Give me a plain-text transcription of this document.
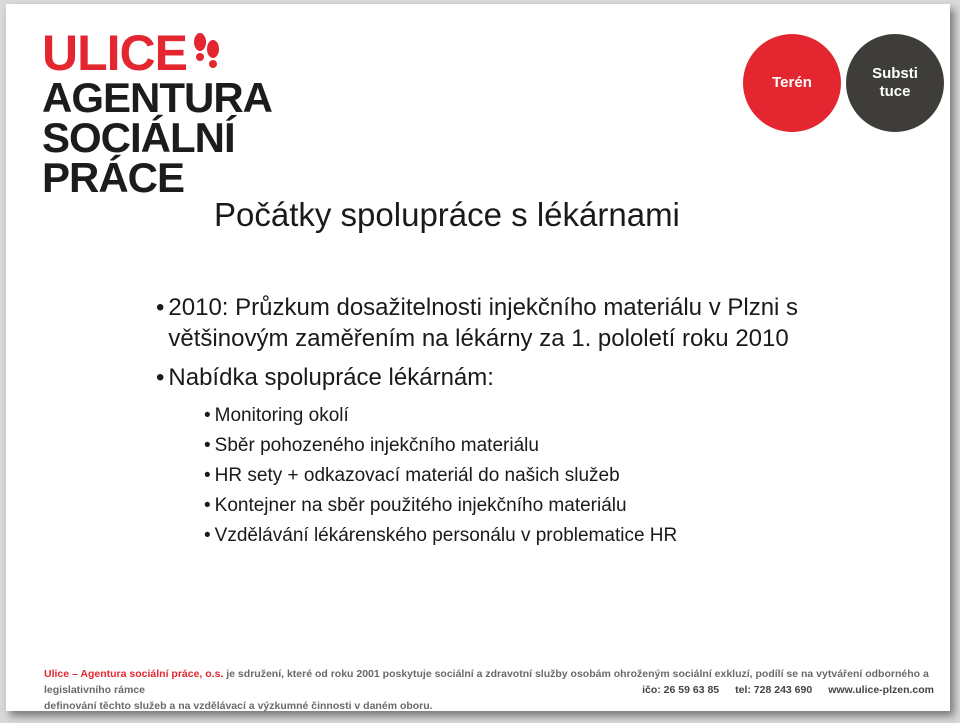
ULICE
AGENTURA
SOCIÁLNÍ
PRÁCE
Terén
Substi
tuce
Počátky spolupráce s lékárnami
• 2010: Průzkum dosažitelnosti injekčního materiálu v Plzni s většinovým zaměřením na lékárny za 1. pololetí roku 2010
• Nabídka spolupráce lékárnám:
• Monitoring okolí
• Sběr pohozeného injekčního materiálu
• HR sety + odkazovací materiál do našich služeb
• Kontejner na sběr použitého injekčního materiálu
• Vzdělávání lékárenského personálu v problematice HR
Ulice – Agentura sociální práce, o.s. je sdružení, které od roku 2001 poskytuje sociální a zdravotní služby osobám ohroženým sociální exkluzí, podílí se na vytváření odborného a legislativního rámce
definování těchto služeb a na vzdělávací a výzkumné činnosti v daném oboru.
ičo: 26 59 63 85 tel: 728 243 690 www.ulice-plzen.com
